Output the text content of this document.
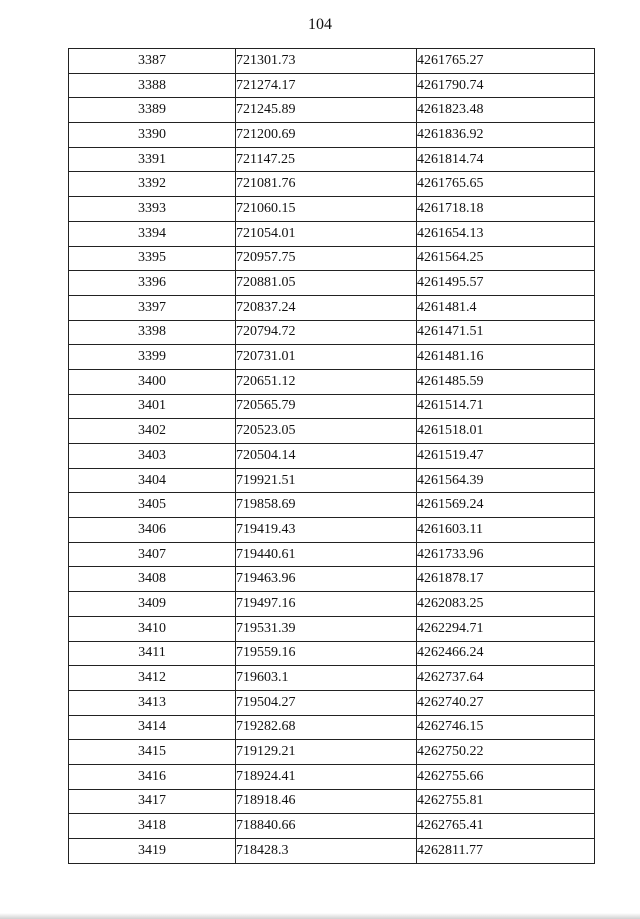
104
3387	721301.73	4261765.27
3388	721274.17	4261790.74
3389	721245.89	4261823.48
3390	721200.69	4261836.92
3391	721147.25	4261814.74
3392	721081.76	4261765.65
3393	721060.15	4261718.18
3394	721054.01	4261654.13
3395	720957.75	4261564.25
3396	720881.05	4261495.57
3397	720837.24	4261481.4
3398	720794.72	4261471.51
3399	720731.01	4261481.16
3400	720651.12	4261485.59
3401	720565.79	4261514.71
3402	720523.05	4261518.01
3403	720504.14	4261519.47
3404	719921.51	4261564.39
3405	719858.69	4261569.24
3406	719419.43	4261603.11
3407	719440.61	4261733.96
3408	719463.96	4261878.17
3409	719497.16	4262083.25
3410	719531.39	4262294.71
3411	719559.16	4262466.24
3412	719603.1	4262737.64
3413	719504.27	4262740.27
3414	719282.68	4262746.15
3415	719129.21	4262750.22
3416	718924.41	4262755.66
3417	718918.46	4262755.81
3418	718840.66	4262765.41
3419	718428.3	4262811.77
